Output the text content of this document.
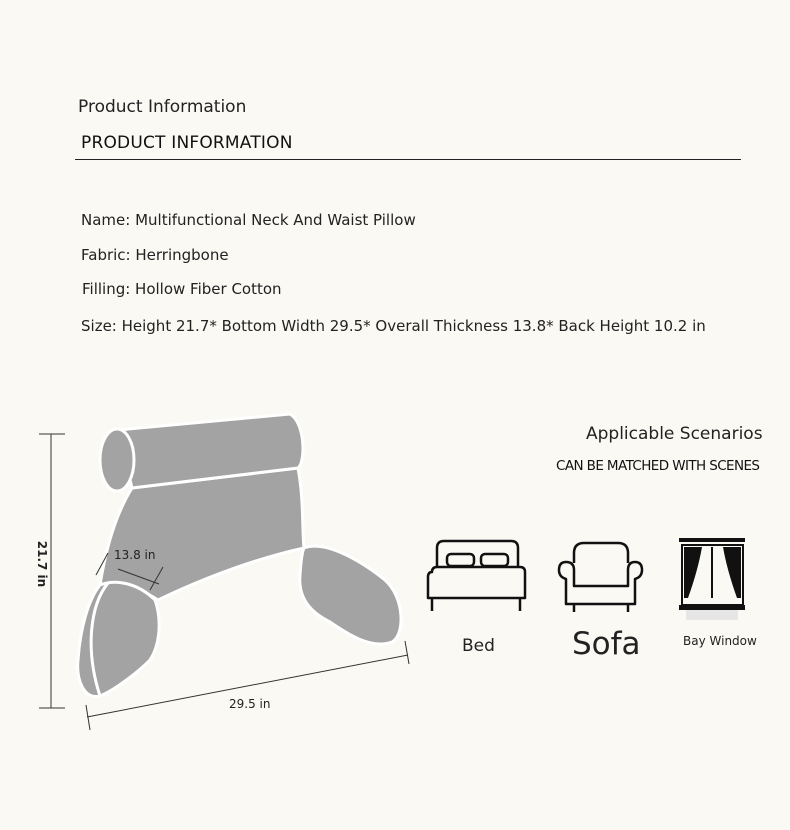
Product Information
PRODUCT INFORMATION
Name: Multifunctional Neck And Waist Pillow
Fabric: Herringbone
Filling: Hollow Fiber Cotton
Size: Height 21.7* Bottom Width 29.5* Overall Thickness 13.8* Back Height 10.2 in
13.8 in
29.5 in
21.7 in
Applicable Scenarios
CAN BE MATCHED WITH SCENES
Bed Sofa	Bay Window
